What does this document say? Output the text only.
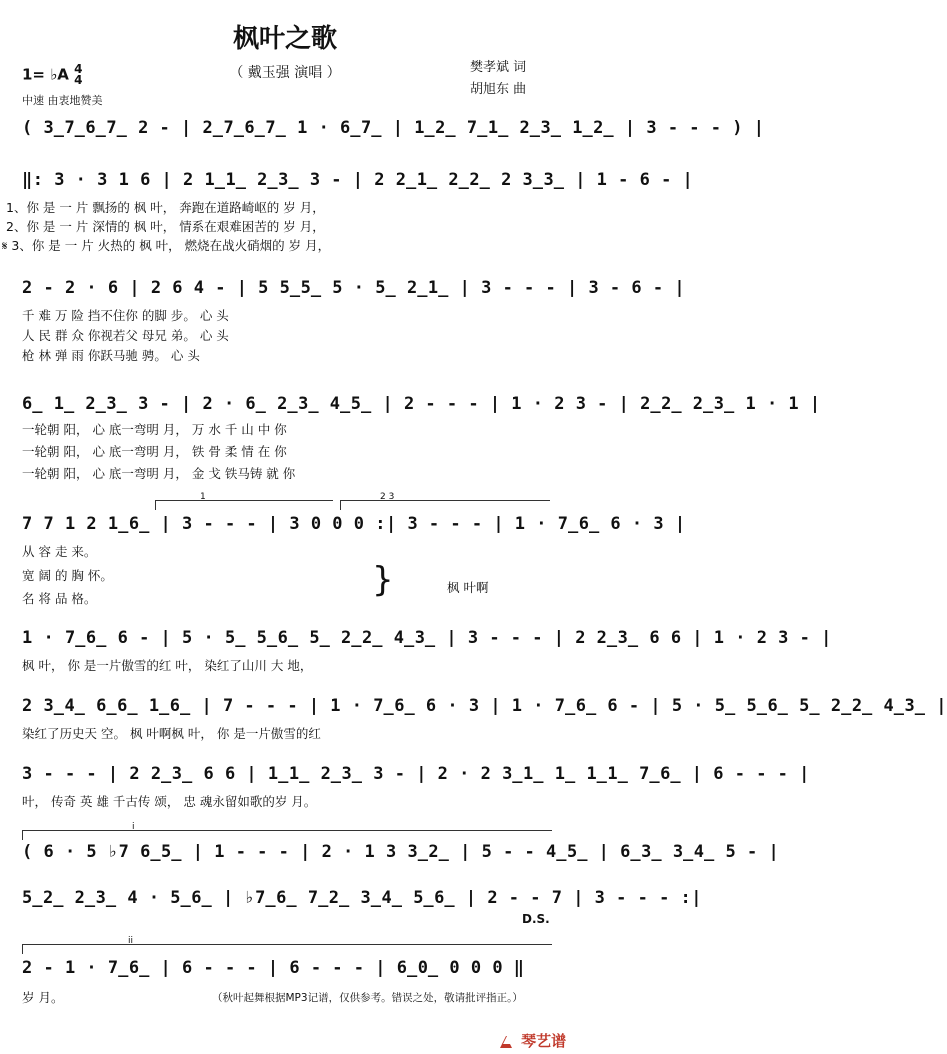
枫叶之歌
（ 戴玉强 演唱 ）	樊孝斌 词
胡旭东 曲
1= ♭A 4
4
中速 由衷地赞美
( 3̲7̲6̲7̲ 2 - | 2̲7̲6̲7̲ 1 · 6̲7̲ | 1̲2̲ 7̲1̲ 2̲3̲ 1̲2̲ | 3 - - - ) |
‖: 3 · 3 1 6 | 2 1̲1̲ 2̲3̲ 3 - | 2 2̲1̲ 2̲2̲ 2 3̲3̲ | 1 - 6 - |
1、你 是 一 片 飘扬的 枫 叶， 奔跑在道路崎岖的 岁 月，
2、你 是 一 片 深情的 枫 叶， 情系在艰难困苦的 岁 月，
𝄋 3、你 是 一 片 火热的 枫 叶， 燃烧在战火硝烟的 岁 月，
2 - 2 · 6 | 2 6 4 - | 5 5̲5̲ 5 · 5̲ 2̲1̲ | 3 - - - | 3 - 6 - |
千 难 万 险 挡不住你 的脚 步。 心 头
人 民 群 众 你视若父 母兄 弟。 心 头
枪 林 弹 雨 你跃马驰 骋。 心 头
6̲ 1̲ 2̲3̲ 3 - | 2 · 6̲ 2̲3̲ 4̲5̲ | 2 - - - | 1 · 2 3 - | 2̲2̲ 2̲3̲ 1 · 1 |
一轮朝 阳， 心 底一弯明 月， 万 水 千 山 中 你
一轮朝 阳， 心 底一弯明 月， 铁 骨 柔 情 在 你
一轮朝 阳， 心 底一弯明 月， 金 戈 铁马铸 就 你
1	2 3
7 7 1 2 1̲6̲ | 3 - - - | 3 0 0 0 :| 3 - - - | 1 · 7̲6̲ 6 · 3 |
从 容 走 来。
宽 阔 的 胸 怀。
名 将 品 格。	}	枫 叶啊
1 · 7̲6̲ 6 - | 5 · 5̲ 5̲6̲ 5̲ 2̲2̲ 4̲3̲ | 3 - - - | 2 2̲3̲ 6 6 | 1 · 2 3 - |
枫 叶， 你 是一片傲雪的红 叶， 染红了山川 大 地，
2 3̲4̲ 6̲6̲ 1̲6̲ | 7 - - - | 1 · 7̲6̲ 6 · 3 | 1 · 7̲6̲ 6 - | 5 · 5̲ 5̲6̲ 5̲ 2̲2̲ 4̲3̲ |
染红了历史天 空。 枫 叶啊枫 叶， 你 是一片傲雪的红
3 - - - | 2 2̲3̲ 6 6 | 1̲1̲ 2̲3̲ 3 - | 2 · 2 3̲1̲ 1̲ 1̲1̲ 7̲6̲ | 6 - - - |
叶， 传奇 英 雄 千古传 颂， 忠 魂永留如歌的岁 月。
i
( 6 · 5 ♭7 6̲5̲ | 1 - - - | 2 · 1 3 3̲2̲ | 5 - - 4̲5̲ | 6̲3̲ 3̲4̲ 5 - |
5̲2̲ 2̲3̲ 4 · 5̲6̲ | ♭7̲6̲ 7̲2̲ 3̲4̲ 5̲6̲ | 2 - - 7 | 3 - - - :|
D.S.
ii
2 - 1 · 7̲6̲ | 6 - - - | 6 - - - | 6̲0̲ 0 0 0 ‖
岁 月。	（秋叶起舞根据MP3记谱，仅供参考。错误之处，敬请批评指正。）
琴艺谱
